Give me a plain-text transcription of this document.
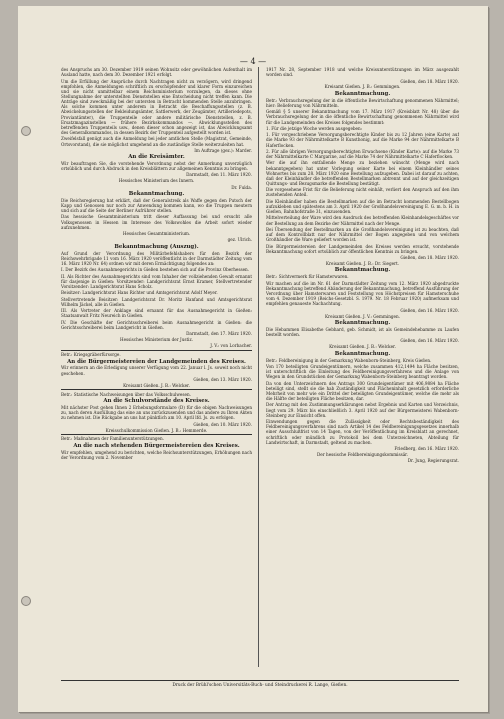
— 4 —

des Anspruchs am 30. Dezember 1919 seinen Wohnsitz oder gewöhnlichen Aufenthalt im Ausland hatte, nach dem 30. Dezember 1921 erfolgt.

Um die Erfüllung der Ansprüche durch Nachtragen nicht zu verzögern, wird dringend empfohlen, die Anmeldungen schriftlich zu erschöpfender und klarer Form einzureichen und sie nicht unmittelbar einem Reichsministerium vorzulegen, da dieses ohne Stellungnahme der unterstellten Dienststellen eine Entscheidung nicht treffen kann. Die Anträge sind zweckmäßig bei der untersten in Betracht kommenden Stelle anzubringen. Als solche kommen unter anderem in Betracht die Beschaffungsstellen (z. B. Abwickelungsstellen der Bekleidungsämter, Sattlerwerk, der Zeugämter, Artilleriedepots, Proviantämter), die Truppenteile oder andere militärische Dienststellen, z. B. Ersatzmagazinstellen — frühere Bezirkskommandos —. Abwicklungsstellen des betreffenden Truppenteils usw., denen dieser schon angezeigt ist, das Abwicklungsamt des Generalkommandos, in dessen Bezirk der Truppenteil aufgestellt worden ist.

Zweifelsfall genügt auch die Anmeldung bei jeder amtlichen Stelle (Magistrat, Gemeinde, Ortsvorstand), die sie möglichst umgehend an die zuständige Stelle weiterzuleiten hat.

Im Auftrage (gez.): Marder.

An die Kreisämter.

Wir beauftragen Sie, die vorstehende Verordnung nebst der Anmerkung unverzüglich ortsüblich und durch Abdruck in den Kreisblättern zur allgemeinen Kenntnis zu bringen.

Darmstadt, den 11. März 1920.

Hessisches Ministerium des Innern.

Dr. Fulda.

Bekanntmachung.

Die Reichsregierung hat erklärt, daß der Generalstreik als Waffe gegen den Putsch der Kapp und Genossen nur noch zur Anwendung kommen kann, wo die Truppen meutern und sich auf die Seite der Berliner Aufrührer stellen.

Das hessische Gesamtministerium tritt dieser Auffassung bei und ersucht alle Volksgenossen in Hessen im Interesse des Volkswohles die Arbeit sofort wieder aufzunehmen.

Hessisches Gesamtministerium.

gez. Ulrich.

Bekanntmachung (Auszug).

Auf Grund der Verordnung des Militärbefehlshabers für den Bezirk der Reichswehrbrigade 11 vom 16. März 1920 veröffentlicht in der Darmstädter Zeitung vom 16. März 1920 Nr. 64) ordnen wir mit deren Ermächtigung folgendes an:

I. Der Bezirk des Ausnahmegerichts in Gießen bestehen sich auf die Provinz Oberhessen.

II. Als Richter des Ausnahmegerichts sind vom Inhaber der vollziehenden Gewalt ernannt für dasjenige in Gießen: Vorsitzender: Landgerichtsrat Ernst Kramer, Stellvertretender Vorsitzender: Landgerichtsrat Hans Scholz.

Beisitzer: Landgerichtsrat Hans Richter und Amtsgerichtsrat Adolf Meyer.

Stellvertretende Beisitzer: Landgerichtsrat Dr. Moritz Hanfand und Amtsgerichtsrat Wilhelm Jäckel, alle in Gießen.

III. Als Vertreter der Anklage sind ernannt für das Ausnahmegericht in Gießen: Staatsanwalt Fritz Neureich in Gießen.

IV. Die Geschäfte der Gerichtsschreiberei beim Ausnahmegericht in Gießen: die Gerichtsschreiberei beim Landgericht in Gießen.

Darmstadt, den 17. März 1920.

Hessisches Ministerium der Justiz.

J. V.: von Lorbacher.

Betr.: Kriegsgräberfürsorge.

An die Bürgermeistereien der Landgemeinden des Kreises.

Wir erinnern an die Erledigung unserer Verfügung vom 22. Januar l. Js. soweit noch nicht geschehen.

Gießen, den 13. März 1920.

Kreisamt Gießen. J. B.: Welcker.

Betr.: Statistische Nachweisungen über das Volksschulwesen.

An die Schulvorstände des Kreises.

Mit nächster Post gehen Ihnen 2 Erhebungsformulare (D) für die obigen Nachweisungen zu, nach deren Ausfüllung das eine an uns zurückzusenden und das andere zu Ihren Akten zu nehmen ist. Die Rückgabe an uns hat pünktlich am 10. April lfd. Js. zu erfolgen.

Gießen, den 10. März 1920.

Kreisschulkommission Gießen. J. B.: Hemmerde.

Betr.: Maßnahmen der Familienunterstützungen.

An die nach stehenden Bürgermeistereien des Kreises.

Wir empfehlen, umgehend zu berichten, welche Reichsunterstützungen, Erhöhungen nach der Verordnung vom 2. November

1917 Nr. 28, September 1918 und welche Kreisunterstützungen im März ausgezahlt worden sind.

Gießen, den 18. März 1920.

Kreisamt Gießen. J. B.: Gemmingen.

Bekanntmachung.

Betr.: Verbrauchsregelung der in die öffentliche Bewirtschaftung genommenen Nährmittel; hier: Belieferung von Nährmitteln.

Gemäß § 5 unserer Bekanntmachung vom 17. März 1917 (Kreisblatt Nr. 48) über die Verbrauchsregelung der in die öffentliche Bewirtschaftung genommenen Nährmittel wird für die Landgemeinden des Kreises folgendes bestimmt:

1. Für die jetzige Woche werden ausgegeben:

1. Für vorgeschriebene Versorgungsberechtigte Kinder bis zu 12 Jahren (eine Karte) auf die Marke 93 der Nährmittelkarte B Kunsthonig, auf die Marke 94 der Nährmittelkarte B Haferflocken.

2. Für alle übrigen Versorgungsberechtigten Erwachsene (Kinder Karte): auf die Marke 73 der Nährmittelkarte C Margarine, auf die Marke 74 der Nährmittelkarte C Haferflocken.

Wer die auf ihn entfallende Menge zu beziehen wünscht (Menge wird nach bekanntgegeben) hat unter Vorlegung seiner Karte bei einem Kleinhändler seines Wohnortes bis zum 28. März 1920 eine Bestellung aufzugeben. Dabei ist darauf zu achten, daß der Kleinhändler die betreffenden Bestellmarken abtrennt und auf der gleichzeitigen Quittungs- und Bezugsmarke die Bestellung bestätigt.

Die vorgesehene Frist für die Belieferung nicht einhält, verliert den Anspruch auf den ihm zustehenden Anteil.

Die Kleinhändler haben die Bestellmarken auf die im Betracht kommenden Bestellbogen aufzukleben und spätestens am 3. April 1920 der Großhandelsvereinigung E. G. m. b. H. in Gießen, Bahnhofstraße 31, einzusenden.

Mittelverteilung der Ware wird den Ausdruck des betreffenden Kleinhandelsgeschäftes vor der Bestellung an dem Bezirke der Nährmittel nach der Menge.

Bei Übersendung der Bestellmarken an die Großhandelsvereinigung ist zu beachten, daß auf dem Kontrollblatt nur der Nährmittel der Bogen angegeben und von welchem Großhändler die Ware geliefert worden ist.

Die Bürgermeistereien der Landgemeinden des Kreises werden ersucht, vorstehende Bekanntmachung sofort ortsüblich zur öffentlichen Kenntnis zu bringen.

Gießen, den 18. März 1920.

Kreisamt Gießen. J. B.: Dr. Siegert.

Bekanntmachung.

Betr.: Sichtvermerk für Hamsterwaren.

Wir machen auf die im Nr. 61 der Darmstädter Zeitung vom 12. März 1920 abgedruckte Bekanntmachung betreffend Abänderung der Bekanntmachung, betreffend Ausführung der Verordnung über Hamsterwaren und Feststellung von Höchstpreisen für Hamsterschuhe vom 4. Dezember 1919 (Reichs-Gesetzbl. S. 1979. Nr. 18 Februar 1920) aufmerksam und empfehlen genaueste Nachachtung.

Gießen, den 16. März 1920.

Kreisamt Gießen. J. V.: Gemmingen.

Bekanntmachung.

Die Hebammen Elisabethe Gebhard, geb. Schmidt, ist als Gemeindehebamme zu Laufen bestellt worden.

Gießen, den 16. März 1920.

Kreisamt Gießen. J. B.: Welcker.

Bekanntmachung.

Betr.: Feldbereinigung in der Gemarkung Wabenborn-Steinberg, Kreis Gießen.

Von 170 beteiligten Grundeigentümern, welche zusammen 412,1494 ha Fläche besitzen, ist unterschriftlich die Einleitung des Feldbereinigungsverfahrens und die Anlage von Wegen in den Grundstücken der Gemarkung Wabenborn-Steinberg beantragt worden.

Da von den Unterzeichnern des Antrags 300 Grundeigentümer mit 406,9884 ha Fläche beteiligt sind, stellt sie die hab Zuständigkeit und Flächeninhalt gesetzlich erforderliche Mehrheit von mehr wie ein Drittel der beteiligten Grundeigentümer, welche die mehr als die Hälfte der beteiligten Fläche besitzen, dar.

Der Antrag mit den Zustimmungserklärungen nebst Ergebnis und Karten und Verzeichnis, liegt vom 29. März bis einschließlich 3. April 1920 auf der Bürgermeisterei Wabenborn-Steinberg zur Einsicht offen.

Einwendungen gegen die Zulässigkeit oder Rechtsbeständigkeit des Feldbereinigungsverfahrens sind nach Artikel 14 des Feldbereinigungsgesetzes innerhalb einer Ausschlußfrist von 14 Tagen, von der Veröffentlichung im Kreisblatt an gerechnet, schriftlich oder mündlich zu Protokoll bei dem Unterzeichneten, Abteilung für Landwirtschaft, in Darmstadt, geltend zu machen.

Friedberg, den 16. März 1920.

Der hessische Feldbereinigungskommissär.

Dr. Jung, Regierungsrat.

Druck der Brühl'schen Universitäts-Buch- und Steindruckerei R. Lange, Gießen.
